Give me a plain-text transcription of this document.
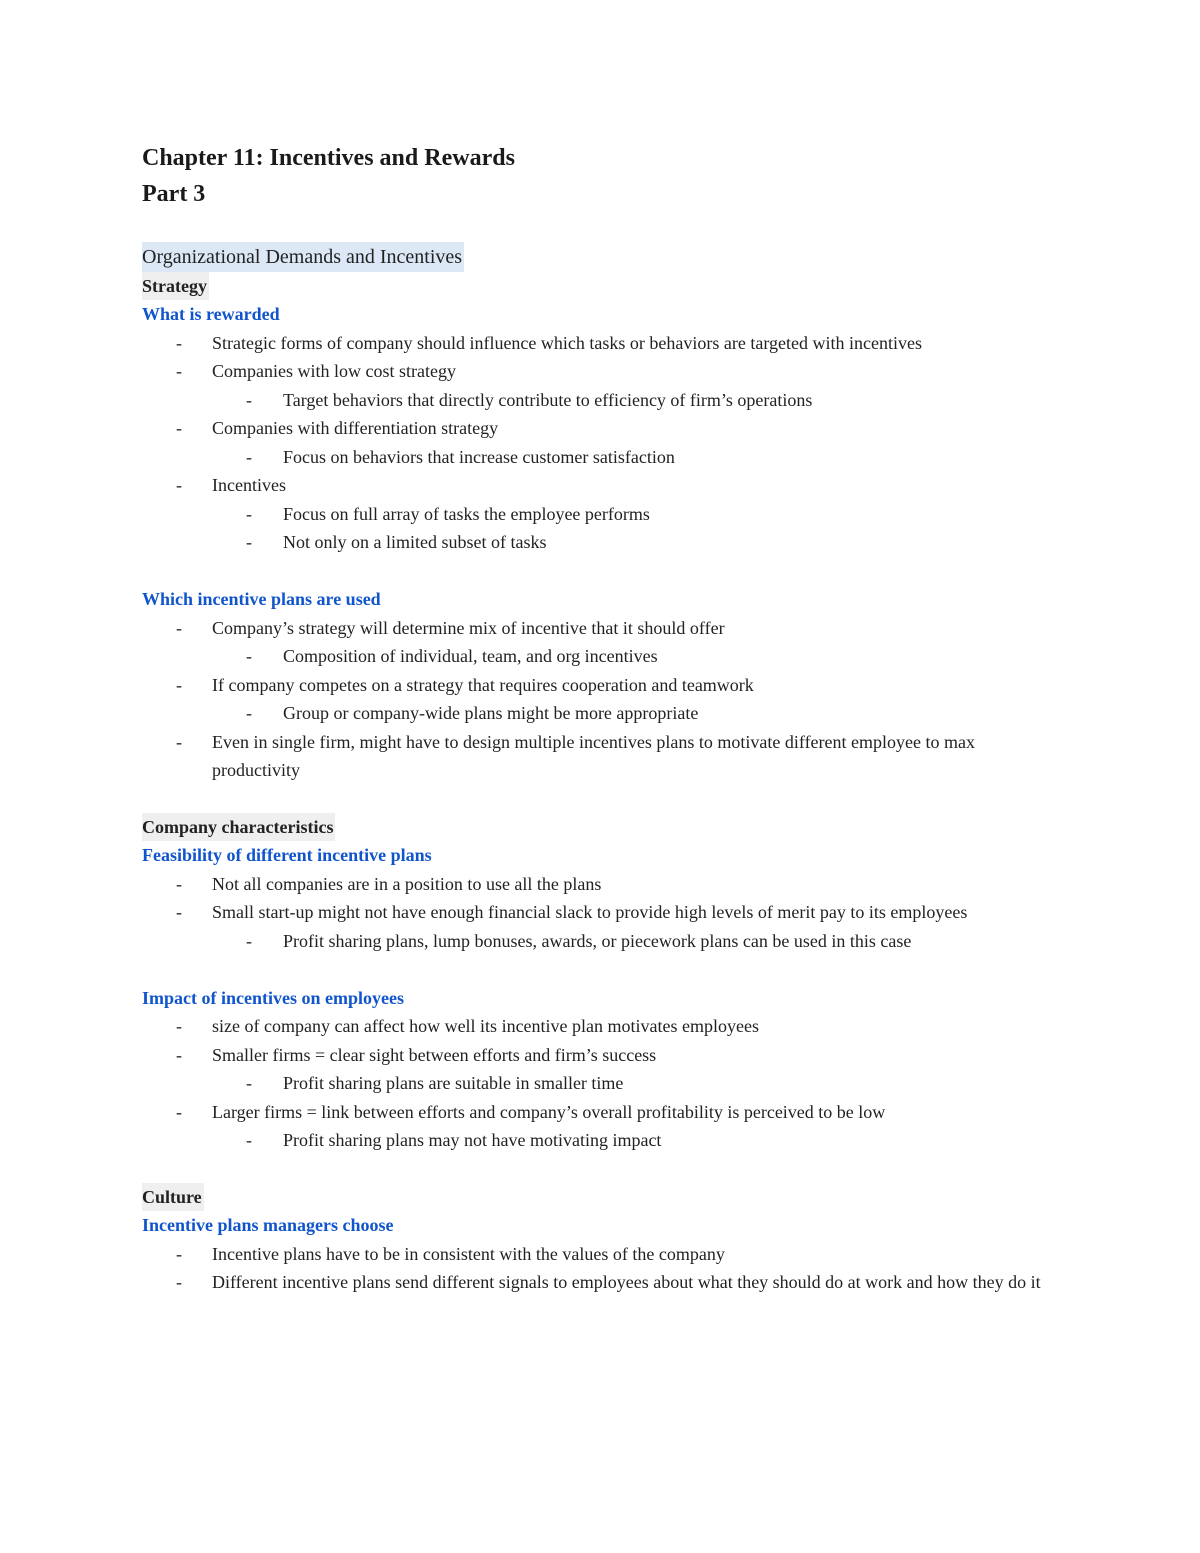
Chapter 11: Incentives and Rewards
Part 3
Organizational Demands and Incentives
Strategy
What is rewarded
- Strategic forms of company should influence which tasks or behaviors are targeted with incentives
- Companies with low cost strategy
- Target behaviors that directly contribute to efficiency of firm’s operations
- Companies with differentiation strategy
- Focus on behaviors that increase customer satisfaction
- Incentives
- Focus on full array of tasks the employee performs
- Not only on a limited subset of tasks
Which incentive plans are used
- Company’s strategy will determine mix of incentive that it should offer
- Composition of individual, team, and org incentives
- If company competes on a strategy that requires cooperation and teamwork
- Group or company-wide plans might be more appropriate
- Even in single firm, might have to design multiple incentives plans to motivate different employee to max productivity
Company characteristics
Feasibility of different incentive plans
- Not all companies are in a position to use all the plans
- Small start-up might not have enough financial slack to provide high levels of merit pay to its employees
- Profit sharing plans, lump bonuses, awards, or piecework plans can be used in this case
Impact of incentives on employees
- size of company can affect how well its incentive plan motivates employees
- Smaller firms = clear sight between efforts and firm’s success
- Profit sharing plans are suitable in smaller time
- Larger firms = link between efforts and company’s overall profitability is perceived to be low
- Profit sharing plans may not have motivating impact
Culture
Incentive plans managers choose
- Incentive plans have to be in consistent with the values of the company
- Different incentive plans send different signals to employees about what they should do at work and how they do it
